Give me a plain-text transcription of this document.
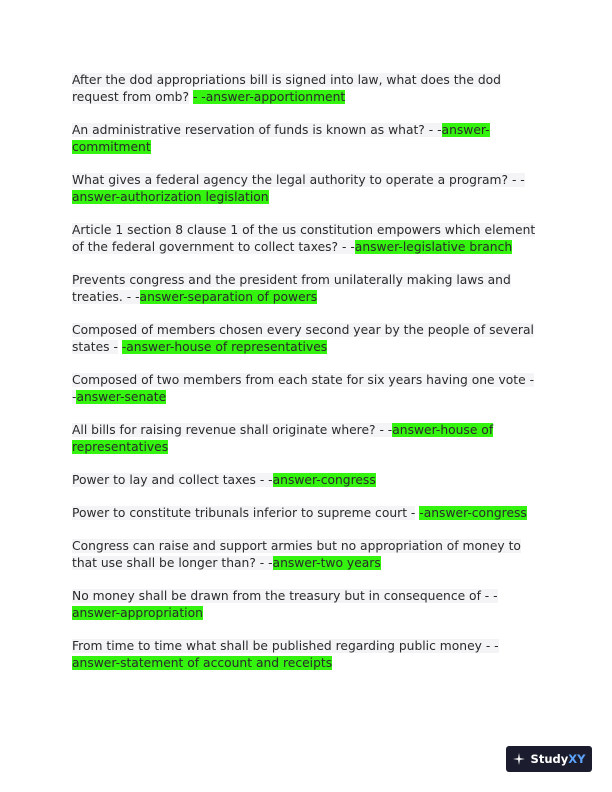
After the dod appropriations bill is signed into law, what does the dod request from omb? - -answer-apportionment

An administrative reservation of funds is known as what? - -answer-commitment

What gives a federal agency the legal authority to operate a program? - - answer-authorization legislation

Article 1 section 8 clause 1 of the us constitution empowers which element of the federal government to collect taxes? - -answer-legislative branch

Prevents congress and the president from unilaterally making laws and treaties. - -answer-separation of powers

Composed of members chosen every second year by the people of several states - -answer-house of representatives

Composed of two members from each state for six years having one vote - -answer-senate

All bills for raising revenue shall originate where? - -answer-house of representatives

Power to lay and collect taxes - -answer-congress

Power to constitute tribunals inferior to supreme court - -answer-congress

Congress can raise and support armies but no appropriation of money to that use shall be longer than? - -answer-two years

No money shall be drawn from the treasury but in consequence of - - answer-appropriation

From time to time what shall be published regarding public money - - answer-statement of account and receipts

StudyXY
